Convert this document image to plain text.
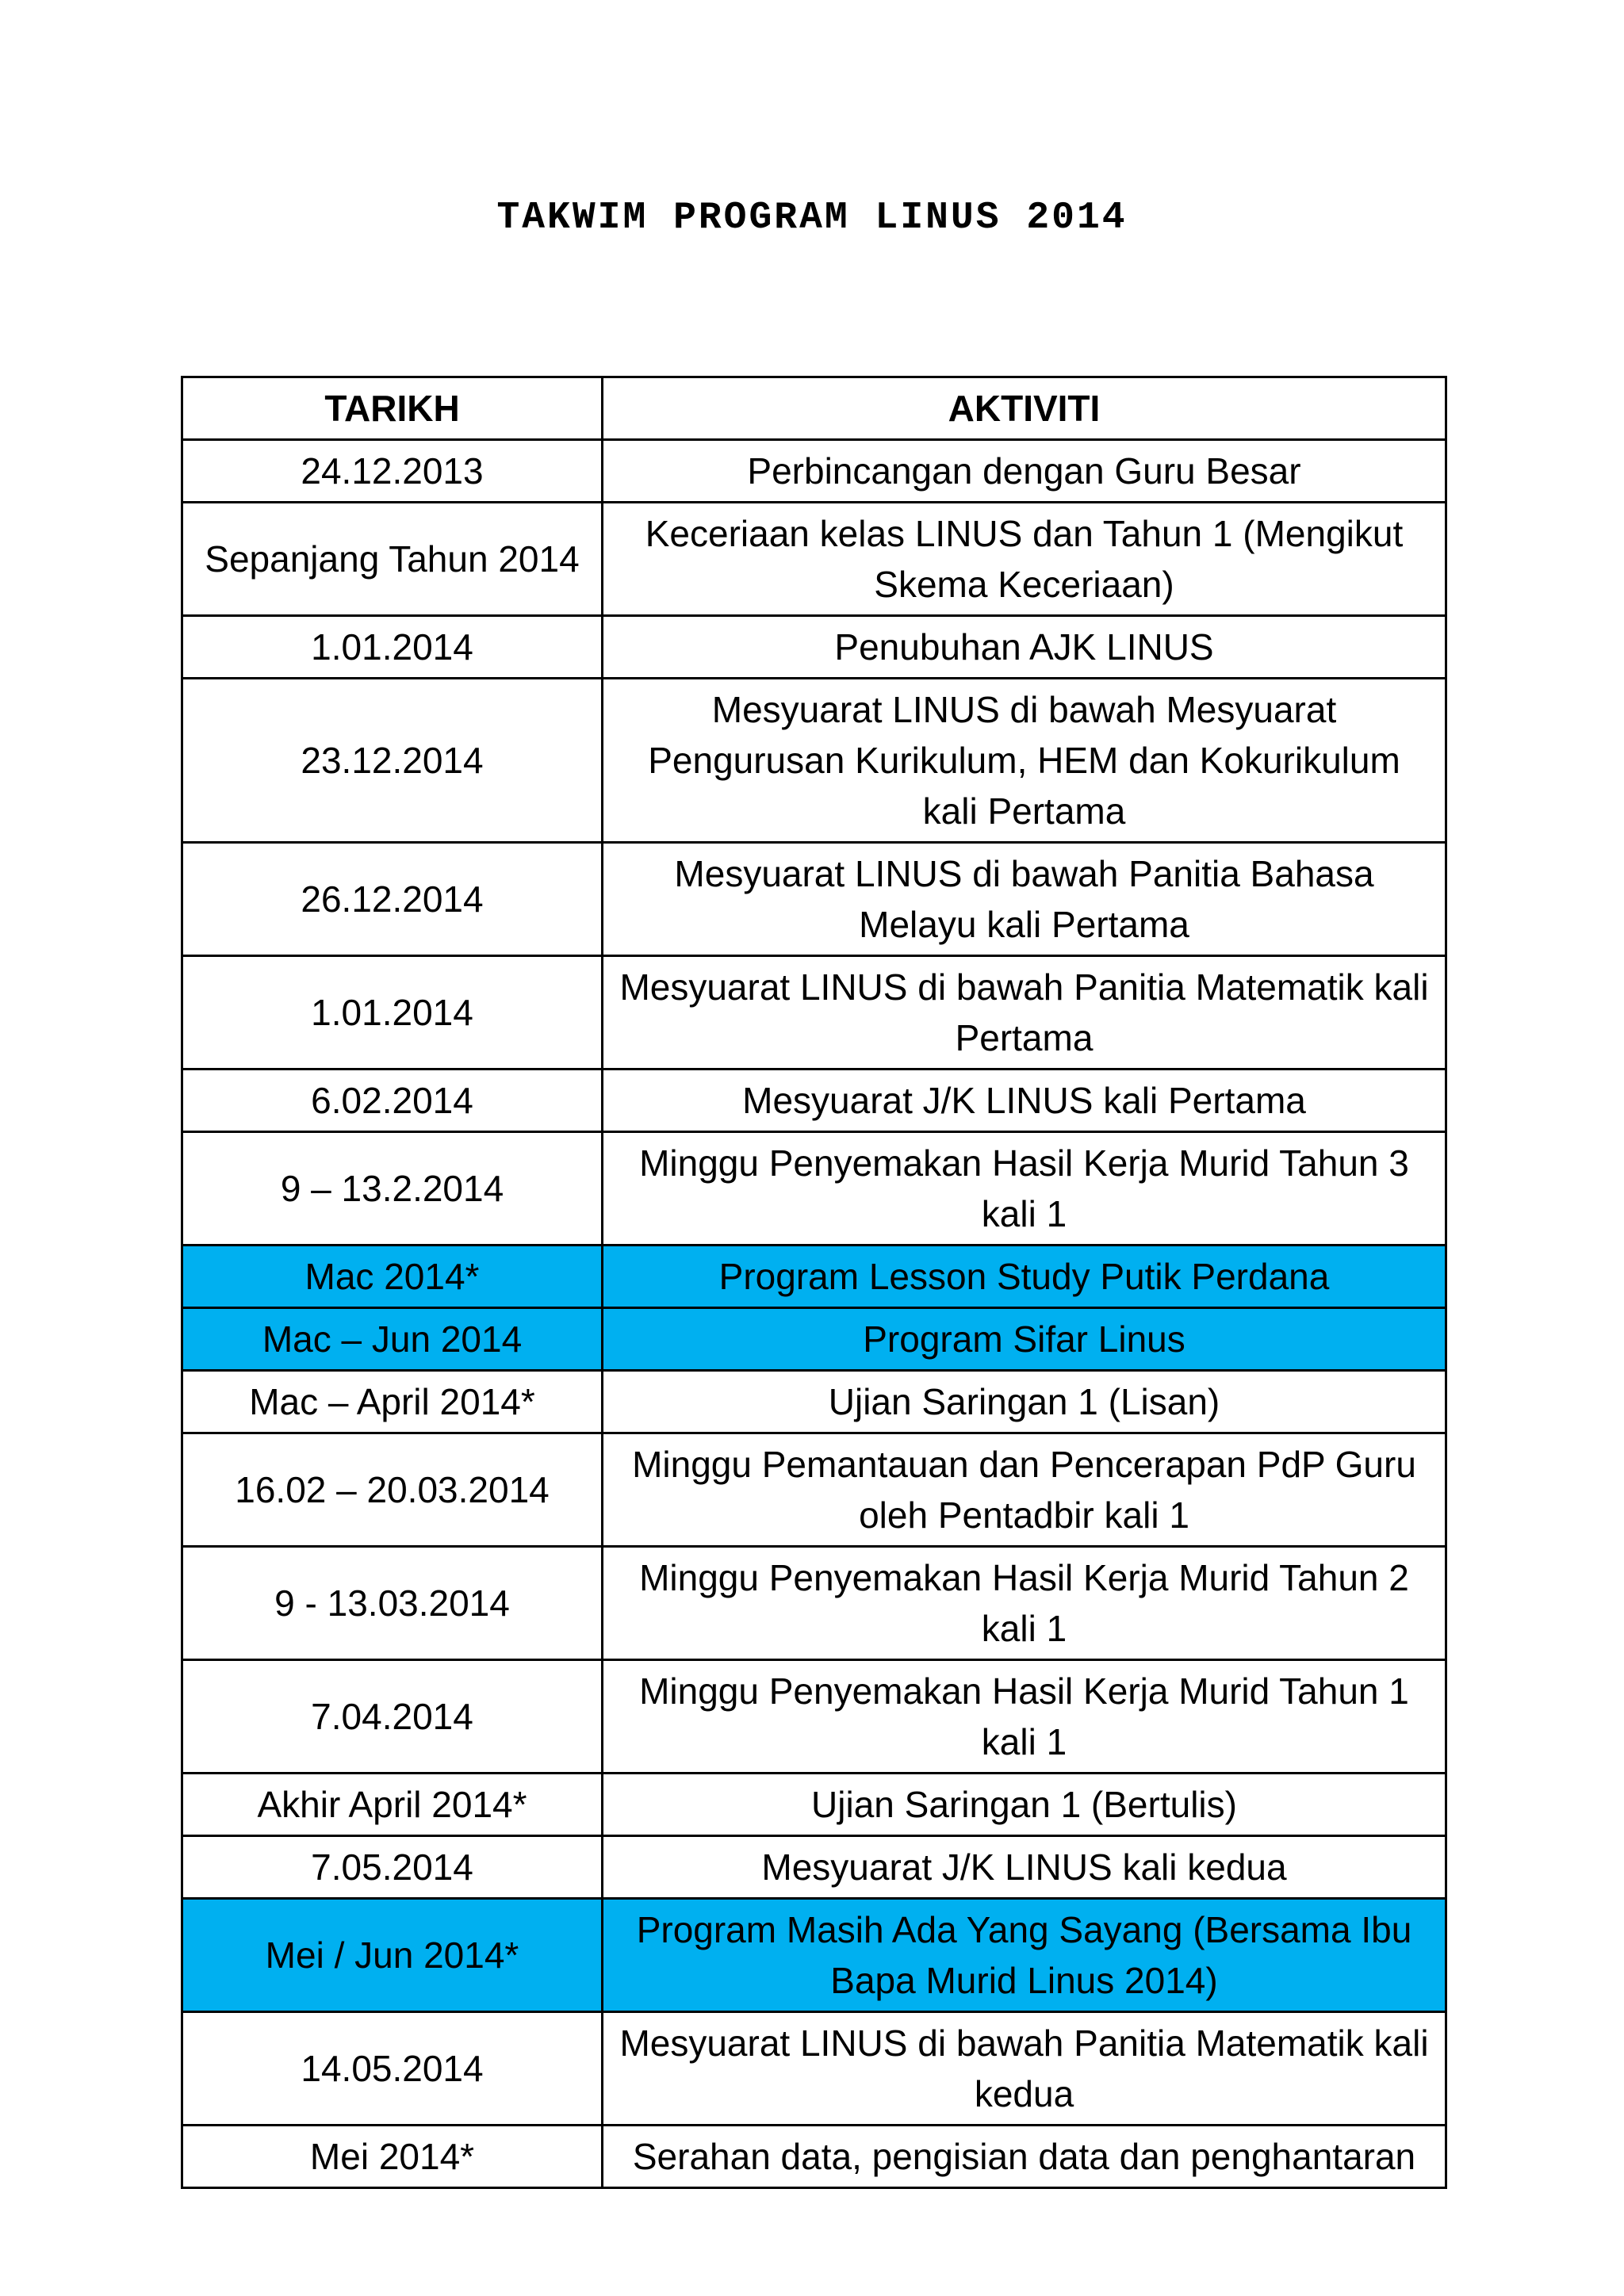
TAKWIM PROGRAM LINUS 2014
TARIKH	AKTIVITI
24.12.2013	Perbincangan dengan Guru Besar
Sepanjang Tahun 2014	Keceriaan kelas LINUS dan Tahun 1 (Mengikut Skema Keceriaan)
1.01.2014	Penubuhan AJK LINUS
23.12.2014	Mesyuarat LINUS di bawah Mesyuarat Pengurusan Kurikulum, HEM dan Kokurikulum kali Pertama
26.12.2014	Mesyuarat LINUS di bawah Panitia Bahasa Melayu kali Pertama
1.01.2014	Mesyuarat LINUS di bawah Panitia Matematik kali Pertama
6.02.2014	Mesyuarat J/K LINUS kali Pertama
9 – 13.2.2014	Minggu Penyemakan Hasil Kerja Murid Tahun 3 kali 1
Mac 2014*	Program Lesson Study Putik Perdana
Mac – Jun 2014	Program Sifar Linus
Mac – April 2014*	Ujian Saringan 1 (Lisan)
16.02 – 20.03.2014	Minggu Pemantauan dan Pencerapan PdP Guru oleh Pentadbir kali 1
9 - 13.03.2014	Minggu Penyemakan Hasil Kerja Murid Tahun 2 kali 1
7.04.2014	Minggu Penyemakan Hasil Kerja Murid Tahun 1 kali 1
Akhir April 2014*	Ujian Saringan 1 (Bertulis)
7.05.2014	Mesyuarat J/K LINUS kali kedua
Mei / Jun 2014*	Program Masih Ada Yang Sayang (Bersama Ibu Bapa Murid Linus 2014)
14.05.2014	Mesyuarat LINUS di bawah Panitia Matematik kali kedua
Mei 2014*	Serahan data, pengisian data dan penghantaran
